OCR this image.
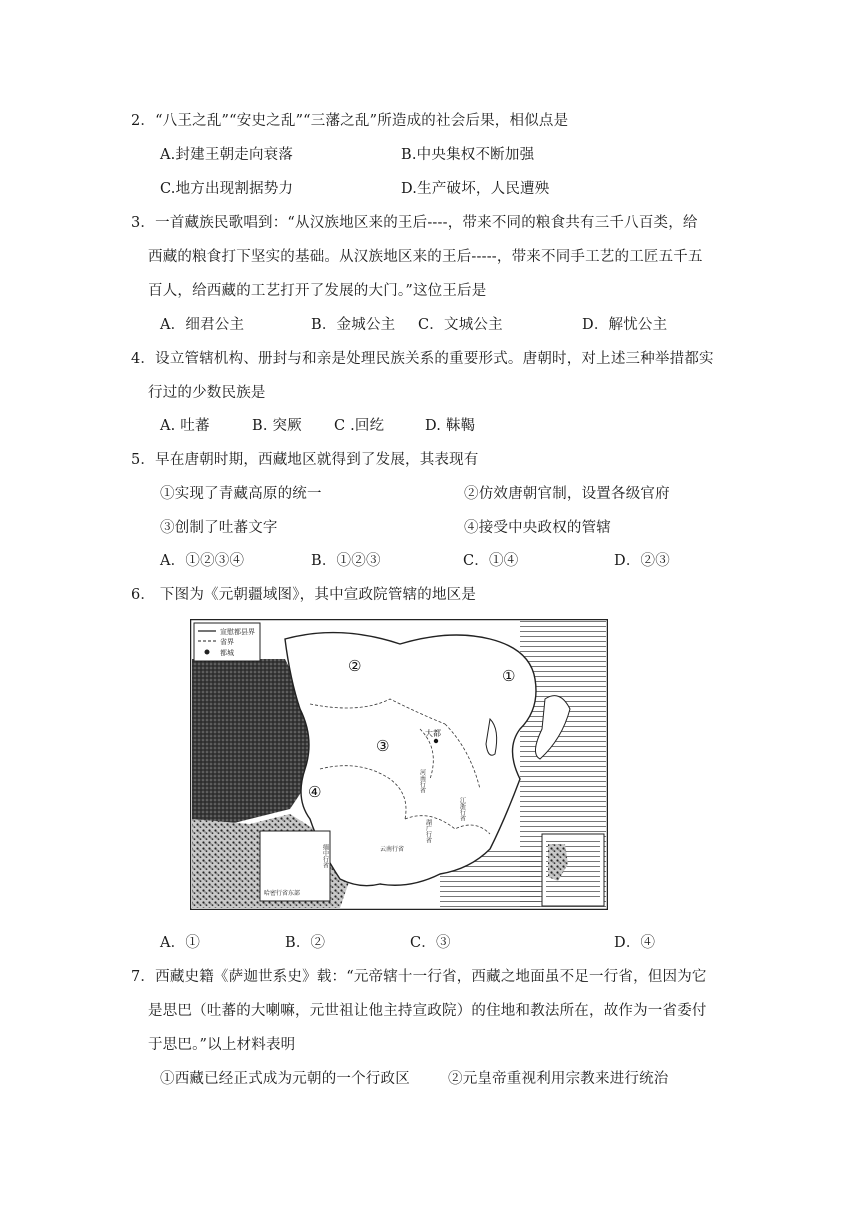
2．“八王之乱”“安史之乱”“三藩之乱”所造成的社会后果，相似点是
A.封建王朝走向衰落	B.中央集权不断加强
C.地方出现割据势力	D.生产破坏，人民遭殃
3．一首藏族民歌唱到：“从汉族地区来的王后----，带来不同的粮食共有三千八百类，给
西藏的粮食打下坚实的基础。从汉族地区来的王后-----，带来不同手工艺的工匠五千五
百人，给西藏的工艺打开了发展的大门。”这位王后是
A．细君公主	B．金城公主 C．文城公主	D．解忧公主
4．设立管辖机构、册封与和亲是处理民族关系的重要形式。唐朝时，对上述三种举措都实
行过的少数民族是
A. 吐蕃	B. 突厥 C .回纥	D. 靺鞨
5．早在唐朝时期，西藏地区就得到了发展，其表现有
①实现了青藏高原的统一	②仿效唐朝官制，设置各级官府
③创制了吐蕃文字	④接受中央政权的管辖
A．①②③④	B．①②③	C．①④	D．②③
6． 下图为《元朝疆域图》，其中宣政院管辖的地区是
宣慰都县界
省界
都城
①
②
③
④
大都
河南行省
江浙行省
湖广行省
云南行省
缅中行省
哈密行省东部
A．①	B．②	C．③	D．④
7．西藏史籍《萨迦世系史》载：“元帝辖十一行省，西藏之地面虽不足一行省，但因为它
是思巴（吐蕃的大喇嘛，元世祖让他主持宣政院）的住地和教法所在，故作为一省委付
于思巴。”以上材料表明
①西藏已经正式成为元朝的一个行政区	②元皇帝重视利用宗教来进行统治
